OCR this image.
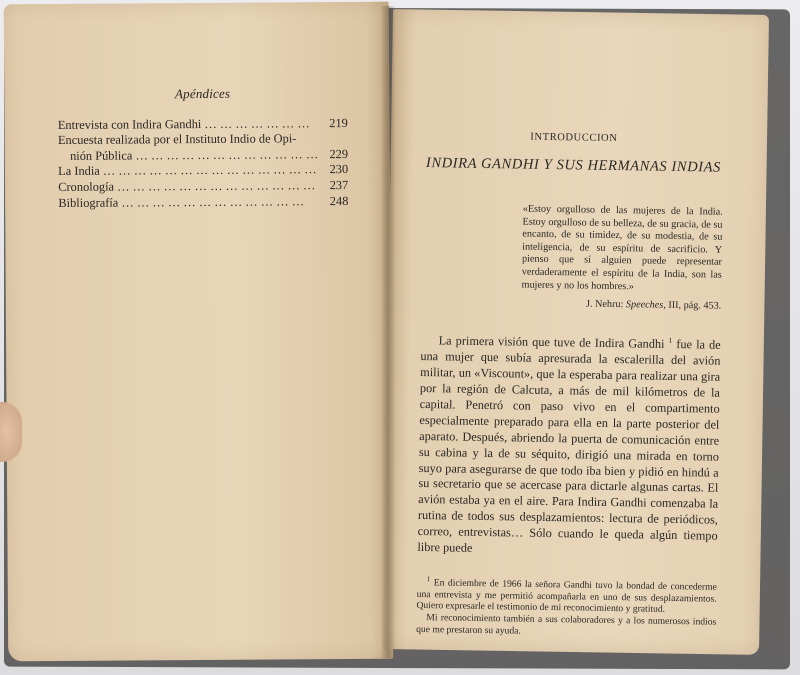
Apéndices
Entrevista con Indira Gandhi … … … … … … …	219
Encuesta realizada por el Instituto Indio de Opi-
nión Pública … … … … … … … … … … … … 229
La India … … … … … … … … … … … … … …	230
Cronología … … … … … … … … … … … … …	237
Bibliografía … … … … … … … … … … … …	248
INTRODUCCION
INDIRA GANDHI Y SUS HERMANAS INDIAS
«Estoy orgulloso de las mujeres de la India. Estoy orgulloso de su belleza, de su gracia, de su encanto, de su timidez, de su modestia, de su inteligencia, de su espíritu de sacrificio. Y pienso que sí alguien puede representar verdaderamente el espíritu de la India, son las mujeres y no los hombres.»
J. Nehru: Speeches, III, pág. 453.
La primera visión que tuve de Indira Gandhi $^1$ fue la de una mujer que subía apresurada la escalerilla del avión militar, un «Viscount», que la esperaba para realizar una gira por la región de Calcuta, a más de mil kilómetros de la capital. Penetró con paso vivo en el compartimento especialmente preparado para ella en la parte posterior del aparato. Después, abriendo la puerta de comunicación entre su cabina y la de su séquito, dirigió una mirada en torno suyo para asegurarse de que todo iba bien y pidió en hindú a su secretario que se acercase para dictarle algunas cartas. El avión estaba ya en el aire. Para Indira Gandhi comenzaba la rutina de todos sus desplazamientos: lectura de periódicos, correo, entrevistas… Sólo cuando le queda algún tiempo libre puede

$^1$ En diciembre de 1966 la señora Gandhi tuvo la bondad de concederme una entrevista y me permitió acompañarla en uno de sus desplazamientos. Quiero expresarle el testimonio de mi reconocimiento y gratitud.

Mi reconocimiento también a sus colaboradores y a los numerosos indios que me prestaron su ayuda.
